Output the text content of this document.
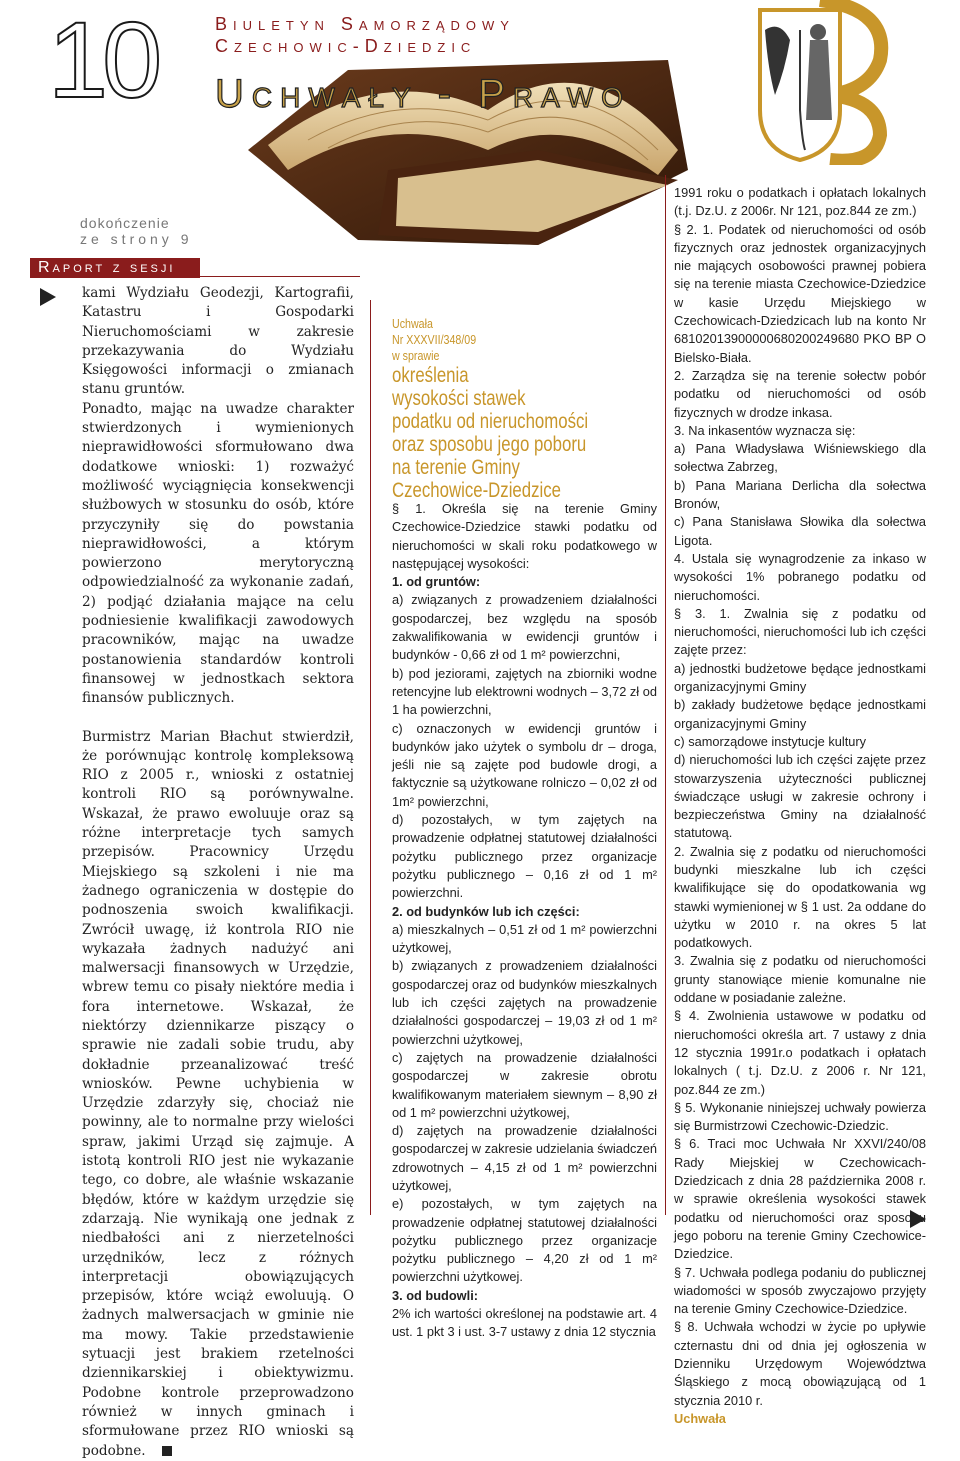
10	Biuletyn Samorządowy
Czechowic-Dziedzic
Uchwały - Prawo
dokończenie
ze strony 9
Raport z sesji

kami Wydziału Geodezji, Kartografii, Katastru i Gospodarki Nieruchomościami w zakresie przekazywania do Wydziału Księgowości informacji o zmianach stanu gruntów.

Ponadto, mając na uwadze charakter stwierdzonych i wymienionych nieprawidłowości sformułowano dwa dodatkowe wnioski: 1) rozważyć możliwość wyciągnięcia konsekwencji służbowych w stosunku do osób, które przyczyniły się do powstania nieprawidłowości, a którym powierzono merytoryczną odpowiedzialność za wykonanie zadań, 2) podjąć działania mające na celu podniesienie kwalifikacji zawodowych pracowników, mając na uwadze postanowienia standardów kontroli finansowej w jednostkach sektora finansów publicznych.

Burmistrz Marian Błachut stwierdził, że porównując kontrolę kompleksową RIO z 2005 r., wnioski z ostatniej kontroli RIO są porównywalne. Wskazał, że prawo ewoluuje oraz są różne interpretacje tych samych przepisów. Pracownicy Urzędu Miejskiego są szkoleni i nie ma żadnego ograniczenia w dostępie do podnoszenia swoich kwalifikacji. Zwrócił uwagę, iż kontrola RIO nie wykazała żadnych nadużyć ani malwersacji finansowych w Urzędzie, wbrew temu co pisały niektóre media i fora internetowe. Wskazał, że niektórzy dziennikarze piszący o sprawie nie zadali sobie trudu, aby dokładnie przeanalizować treść wniosków. Pewne uchybienia w Urzędzie zdarzyły się, chociaż nie powinny, ale to normalne przy wielości spraw, jakimi Urząd się zajmuje. A istotą kontroli RIO jest nie wykazanie tego, co dobre, ale właśnie wskazanie błędów, które w każdym urzędzie się zdarzają. Nie wynikają one jednak z niedbałości ani z nierzetelności urzędników, lecz z różnych interpretacji obowiązujących przepisów, które wciąż ewoluują. O żadnych malwersacjach w gminie nie ma mowy. Takie przedstawienie sytuacji jest brakiem rzetelności dziennikarskiej i obiektywizmu. Podobne kontrole przeprowadzono również w innych gminach i sformułowane przez RIO wnioski są podobne.

Uchwała
Nr XXXVII/348/09
w sprawie
określenia
wysokości stawek
podatku od nieruchomości
oraz sposobu jego poboru
na terenie Gminy
Czechowice-Dziedzice

§ 1. Określa się na terenie Gminy Czechowice-Dziedzice stawki podatku od nieruchomości w skali roku podatkowego w następującej wysokości:

1. od gruntów:

a) związanych z prowadzeniem działalności gospodarczej, bez względu na sposób zakwalifikowania w ewidencji gruntów i budynków - 0,66 zł od 1 m² powierzchni,

b) pod jeziorami, zajętych na zbiorniki wodne retencyjne lub elektrowni wodnych – 3,72 zł od 1 ha powierzchni,

c) oznaczonych w ewidencji gruntów i budynków jako użytek o symbolu dr – droga, jeśli nie są zajęte pod budowle drogi, a faktycznie są użytkowane rolniczo – 0,02 zł od 1m² powierzchni,

d) pozostałych, w tym zajętych na prowadzenie odpłatnej statutowej działalności pożytku publicznego przez organizacje pożytku publicznego – 0,16 zł od 1 m² powierzchni.

2. od budynków lub ich części:

a) mieszkalnych – 0,51 zł od 1 m² powierzchni użytkowej,

b) związanych z prowadzeniem działalności gospodarczej oraz od budynków mieszkalnych lub ich części zajętych na prowadzenie działalności gospodarczej – 19,03 zł od 1 m² powierzchni użytkowej,

c) zajętych na prowadzenie działalności gospodarczej w zakresie obrotu kwalifikowanym materiałem siewnym – 8,90 zł od 1 m² powierzchni użytkowej,

d) zajętych na prowadzenie działalności gospodarczej w zakresie udzielania świadczeń zdrowotnych – 4,15 zł od 1 m² powierzchni użytkowej,

e) pozostałych, w tym zajętych na prowadzenie odpłatnej statutowej działalności pożytku publicznego przez organizacje pożytku publicznego – 4,20 zł od 1 m² powierzchni użytkowej.

3. od budowli:

2% ich wartości określonej na podstawie art. 4 ust. 1 pkt 3 i ust. 3-7 ustawy z dnia 12 stycznia

1991 roku o podatkach i opłatach lokalnych (t.j. Dz.U. z 2006r. Nr 121, poz.844 ze zm.)

§ 2. 1. Podatek od nieruchomości od osób fizycznych oraz jednostek organizacyjnych nie mających osobowości prawnej pobiera się na terenie miasta Czechowice-Dziedzice w kasie Urzędu Miejskiego w Czechowicach-Dziedzicach lub na konto Nr 68102013900000680200249680 PKO BP O Bielsko-Biała.

2. Zarządza się na terenie sołectw pobór podatku od nieruchomości od osób fizycznych w drodze inkasa.

3. Na inkasentów wyznacza się:

a) Pana Władysława Wiśniewskiego dla sołectwa Zabrzeg,

b) Pana Mariana Derlicha dla sołectwa Bronów,

c) Pana Stanisława Słowika dla sołectwa Ligota.

4. Ustala się wynagrodzenie za inkaso w wysokości 1% pobranego podatku od nieruchomości.

§ 3. 1. Zwalnia się z podatku od nieruchomości, nieruchomości lub ich części zajęte przez:

a) jednostki budżetowe będące jednostkami organizacyjnymi Gminy

b) zakłady budżetowe będące jednostkami organizacyjnymi Gminy

c) samorządowe instytucje kultury

d) nieruchomości lub ich części zajęte przez stowarzyszenia użyteczności publicznej świadczące usługi w zakresie ochrony i bezpieczeństwa Gminy na działalność statutową.

2. Zwalnia się z podatku od nieruchomości budynki mieszkalne lub ich części kwalifikujące się do opodatkowania wg stawki wymienionej w § 1 ust. 2a oddane do użytku w 2010 r. na okres 5 lat podatkowych.

3. Zwalnia się z podatku od nieruchomości grunty stanowiące mienie komunalne nie oddane w posiadanie zależne.

§ 4. Zwolnienia ustawowe w podatku od nieruchomości określa art. 7 ustawy z dnia 12 stycznia 1991r.o podatkach i opłatach lokalnych ( t.j. Dz.U. z 2006 r. Nr 121, poz.844 ze zm.)

§ 5. Wykonanie niniejszej uchwały powierza się Burmistrzowi Czechowic-Dziedzic.

§ 6. Traci moc Uchwała Nr XXVI/240/08 Rady Miejskiej w Czechowicach-Dziedzicach z dnia 28 października 2008 r. w sprawie określenia wysokości stawek podatku od nieruchomości oraz sposobu jego poboru na terenie Gminy Czechowice-Dziedzice.

§ 7. Uchwała podlega podaniu do publicznej wiadomości w sposób zwyczajowo przyjęty na terenie Gminy Czechowice-Dziedzice.

§ 8. Uchwała wchodzi w życie po upływie czternastu dni od dnia jej ogłoszenia w Dzienniku Urzędowym Województwa Śląskiego z mocą obowiązującą od 1 stycznia 2010 r.

Uchwała
